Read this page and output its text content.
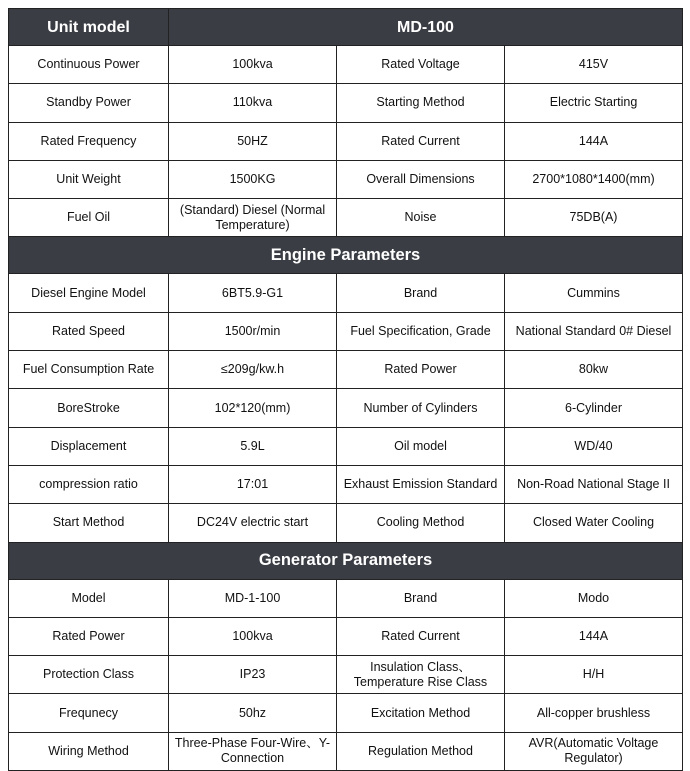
Unit model	MD-100		
Continuous Power	100kva	Rated Voltage	415V
Standby Power	110kva	Starting Method	Electric Starting
Rated Frequency	50HZ	Rated Current	144A
Unit Weight	1500KG	Overall Dimensions	2700*1080*1400(mm)
Fuel Oil	(Standard) Diesel (Normal Temperature)	Noise	75DB(A)
Engine Parameters			
Diesel Engine Model	6BT5.9-G1	Brand	Cummins
Rated Speed	1500r/min	Fuel Specification, Grade	National Standard 0# Diesel
Fuel Consumption Rate	≤209g/kw.h	Rated Power	80kw
BoreStroke	102*120(mm)	Number of Cylinders	6-Cylinder
Displacement	5.9L	Oil model	WD/40
compression ratio	17:01	Exhaust Emission Standard	Non-Road National Stage II
Start Method	DC24V electric start	Cooling Method	Closed Water Cooling
Generator Parameters			
Model	MD-1-100	Brand	Modo
Rated Power	100kva	Rated Current	144A
Protection Class	IP23	Insulation Class、Temperature Rise Class	H/H
Frequnecy	50hz	Excitation Method	All-copper brushless
Wiring Method	Three-Phase Four-Wire、Y-Connection	Regulation Method	AVR(Automatic Voltage Regulator)
